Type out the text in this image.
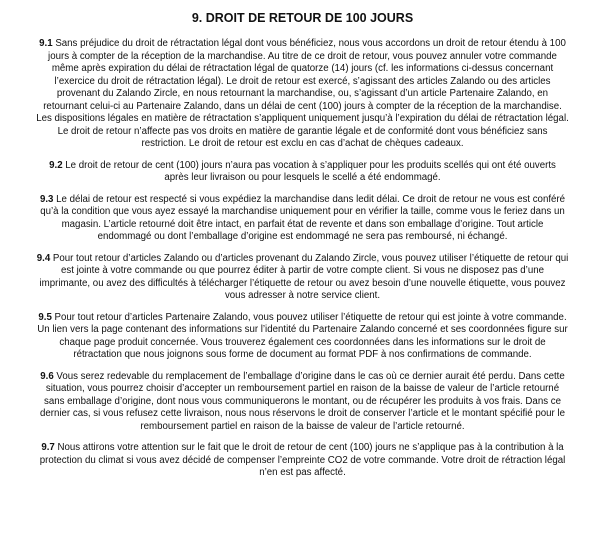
9. DROIT DE RETOUR DE 100 JOURS

9.1 Sans préjudice du droit de rétractation légal dont vous bénéficiez, nous vous accordons un droit de retour étendu à 100 jours à compter de la réception de la marchandise. Au titre de ce droit de retour, vous pouvez annuler votre commande même après expiration du délai de rétractation légal de quatorze (14) jours (cf. les informations ci-dessus concernant l’exercice du droit de rétractation légal). Le droit de retour est exercé, s’agissant des articles Zalando ou des articles provenant du Zalando Zircle, en nous retournant la marchandise, ou, s’agissant d’un article Partenaire Zalando, en retournant celui-ci au Partenaire Zalando, dans un délai de cent (100) jours à compter de la réception de la marchandise. Les dispositions légales en matière de rétractation s’appliquent uniquement jusqu’à l’expiration du délai de rétractation légal. Le droit de retour n’affecte pas vos droits en matière de garantie légale et de conformité dont vous bénéficiez sans restriction. Le droit de retour est exclu en cas d’achat de chèques cadeaux.

9.2 Le droit de retour de cent (100) jours n’aura pas vocation à s’appliquer pour les produits scellés qui ont été ouverts après leur livraison ou pour lesquels le scellé a été endommagé.

9.3 Le délai de retour est respecté si vous expédiez la marchandise dans ledit délai. Ce droit de retour ne vous est conféré qu’à la condition que vous ayez essayé la marchandise uniquement pour en vérifier la taille, comme vous le feriez dans un magasin. L’article retourné doit être intact, en parfait état de revente et dans son emballage d’origine. Tout article endommagé ou dont l’emballage d’origine est endommagé ne sera pas remboursé, ni échangé.

9.4 Pour tout retour d’articles Zalando ou d’articles provenant du Zalando Zircle, vous pouvez utiliser l’étiquette de retour qui est jointe à votre commande ou que pourrez éditer à partir de votre compte client. Si vous ne disposez pas d’une imprimante, ou avez des difficultés à télécharger l’étiquette de retour ou avez besoin d’une nouvelle étiquette, vous pouvez vous adresser à notre service client.

9.5 Pour tout retour d’articles Partenaire Zalando, vous pouvez utiliser l’étiquette de retour qui est jointe à votre commande. Un lien vers la page contenant des informations sur l’identité du Partenaire Zalando concerné et ses coordonnées figure sur chaque page produit concernée. Vous trouverez également ces coordonnées dans les informations sur le droit de rétractation que nous joignons sous forme de document au format PDF à nos confirmations de commande.

9.6 Vous serez redevable du remplacement de l’emballage d’origine dans le cas où ce dernier aurait été perdu. Dans cette situation, vous pourrez choisir d’accepter un remboursement partiel en raison de la baisse de valeur de l’article retourné sans emballage d’origine, dont nous vous communiquerons le montant, ou de récupérer les produits à vos frais. Dans ce dernier cas, si vous refusez cette livraison, nous nous réservons le droit de conserver l’article et le montant spécifié pour le remboursement partiel en raison de la baisse de valeur de l’article retourné.

9.7 Nous attirons votre attention sur le fait que le droit de retour de cent (100) jours ne s’applique pas à la contribution à la protection du climat si vous avez décidé de compenser l’empreinte CO2 de votre commande. Votre droit de rétraction légal n’en est pas affecté.
